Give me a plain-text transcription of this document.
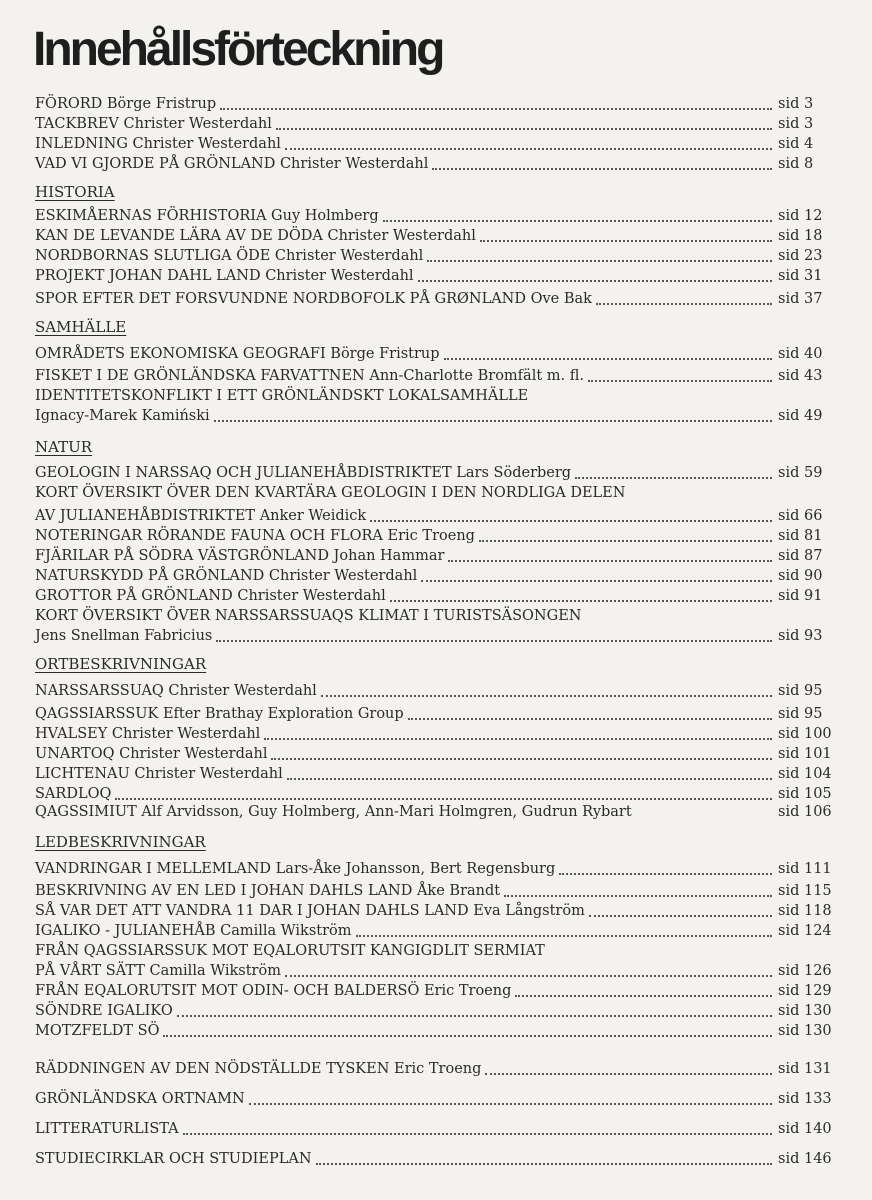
Innehållsförteckning
FÖRORD Börge Fristrup	sid 3
TACKBREV Christer Westerdahl	sid 3
INLEDNING Christer Westerdahl	sid 4
VAD VI GJORDE PÅ GRÖNLAND Christer Westerdahl	sid 8
HISTORIA
ESKIMÅERNAS FÖRHISTORIA Guy Holmberg	sid 12
KAN DE LEVANDE LÄRA AV DE DÖDA Christer Westerdahl	sid 18
NORDBORNAS SLUTLIGA ÖDE Christer Westerdahl	sid 23
PROJEKT JOHAN DAHL LAND Christer Westerdahl	sid 31
SPOR EFTER DET FORSVUNDNE NORDBOFOLK PÅ GRØNLAND Ove Bak	sid 37
SAMHÄLLE
OMRÅDETS EKONOMISKA GEOGRAFI Börge Fristrup	sid 40
FISKET I DE GRÖNLÄNDSKA FARVATTNEN Ann-Charlotte Bromfält m. fl.	sid 43
IDENTITETSKONFLIKT I ETT GRÖNLÄNDSKT LOKALSAMHÄLLE
Ignacy-Marek Kamiński	sid 49
NATUR
GEOLOGIN I NARSSAQ OCH JULIANEHÅBDISTRIKTET Lars Söderberg	sid 59
KORT ÖVERSIKT ÖVER DEN KVARTÄRA GEOLOGIN I DEN NORDLIGA DELEN
AV JULIANEHÅBDISTRIKTET Anker Weidick	sid 66
NOTERINGAR RÖRANDE FAUNA OCH FLORA Eric Troeng	sid 81
FJÄRILAR PÅ SÖDRA VÄSTGRÖNLAND Johan Hammar	sid 87
NATURSKYDD PÅ GRÖNLAND Christer Westerdahl	sid 90
GROTTOR PÅ GRÖNLAND Christer Westerdahl	sid 91
KORT ÖVERSIKT ÖVER NARSSARSSUAQS KLIMAT I TURISTSÄSONGEN
Jens Snellman Fabricius	sid 93
ORTBESKRIVNINGAR
NARSSARSSUAQ Christer Westerdahl	sid 95
QAGSSIARSSUK Efter Brathay Exploration Group	sid 95
HVALSEY Christer Westerdahl	sid 100
UNARTOQ Christer Westerdahl	sid 101
LICHTENAU Christer Westerdahl	sid 104
SARDLOQ	sid 105
QAGSSIMIUT Alf Arvidsson, Guy Holmberg, Ann-Mari Holmgren, Gudrun Rybart	sid 106
LEDBESKRIVNINGAR
VANDRINGAR I MELLEMLAND Lars-Åke Johansson, Bert Regensburg	sid 111
BESKRIVNING AV EN LED I JOHAN DAHLS LAND Åke Brandt	sid 115
SÅ VAR DET ATT VANDRA 11 DAR I JOHAN DAHLS LAND Eva Långström	sid 118
IGALIKO - JULIANEHÅB Camilla Wikström	sid 124
FRÅN QAGSSIARSSUK MOT EQALORUTSIT KANGIGDLIT SERMIAT
PÅ VÅRT SÄTT Camilla Wikström	sid 126
FRÅN EQALORUTSIT MOT ODIN- OCH BALDERSÖ Eric Troeng	sid 129
SÖNDRE IGALIKO	sid 130
MOTZFELDT SÖ	sid 130
RÄDDNINGEN AV DEN NÖDSTÄLLDE TYSKEN Eric Troeng	sid 131
GRÖNLÄNDSKA ORTNAMN	sid 133
LITTERATURLISTA	sid 140
STUDIECIRKLAR OCH STUDIEPLAN	sid 146
